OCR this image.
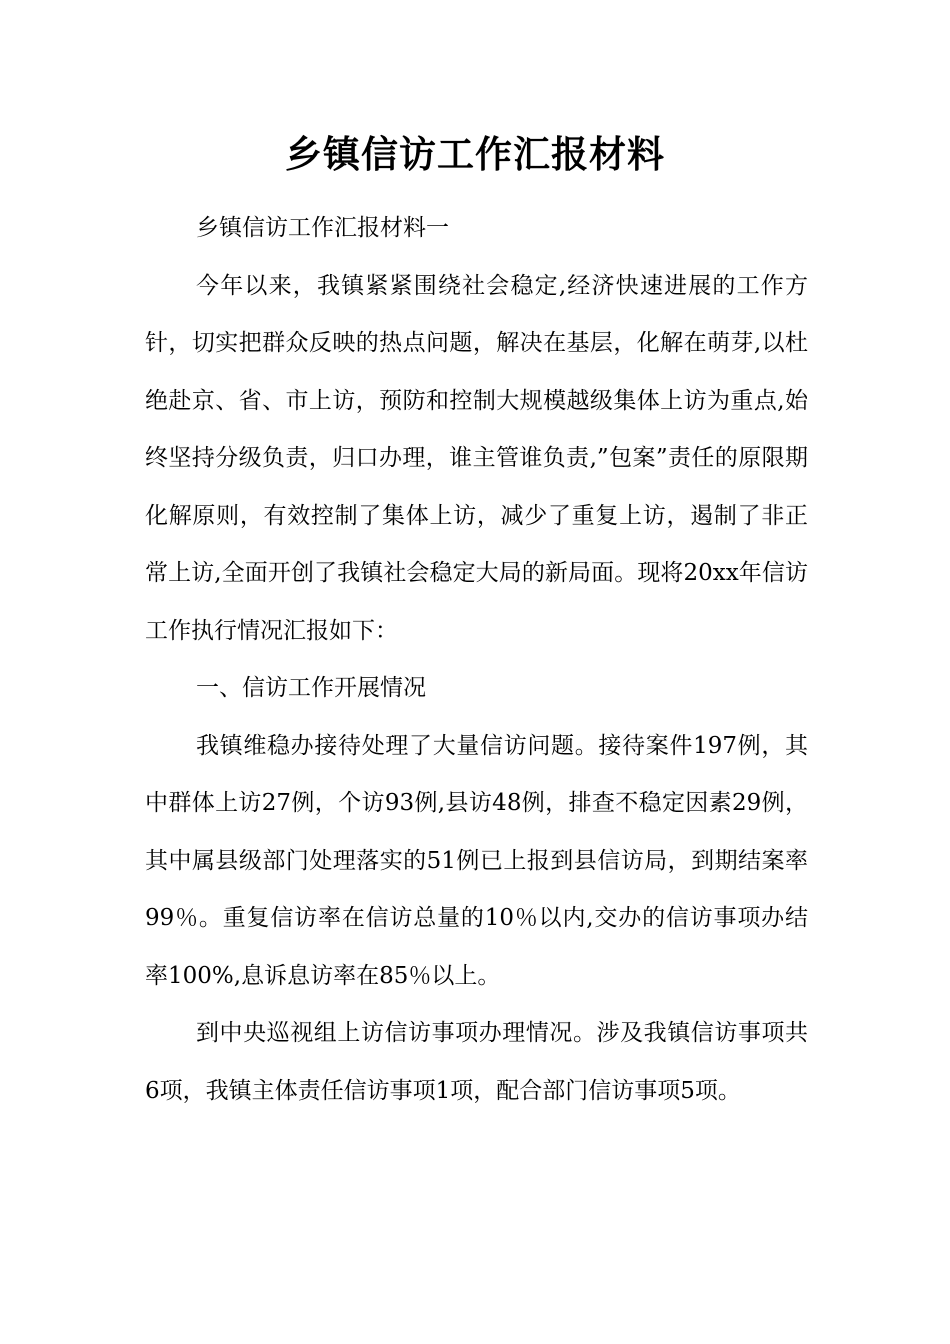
乡镇信访工作汇报材料

乡镇信访工作汇报材料一

今年以来，我镇紧紧围绕社会稳定,经济快速进展的工作方针，切实把群众反映的热点问题，解决在基层，化解在萌芽,以杜绝赴京、省、市上访，预防和控制大规模越级集体上访为重点,始终坚持分级负责，归口办理，谁主管谁负责,”包案”责任的原限期化解原则，有效控制了集体上访，减少了重复上访，遏制了非正常上访,全面开创了我镇社会稳定大局的新局面。现将20xx年信访工作执行情况汇报如下：

一、信访工作开展情况

我镇维稳办接待处理了大量信访问题。接待案件197例，其中群体上访27例，个访93例,县访48例，排查不稳定因素29例，其中属县级部门处理落实的51例已上报到县信访局，到期结案率99％。重复信访率在信访总量的10％以内,交办的信访事项办结率100%,息诉息访率在85％以上。

到中央巡视组上访信访事项办理情况。涉及我镇信访事项共6项，我镇主体责任信访事项1项，配合部门信访事项5项。
